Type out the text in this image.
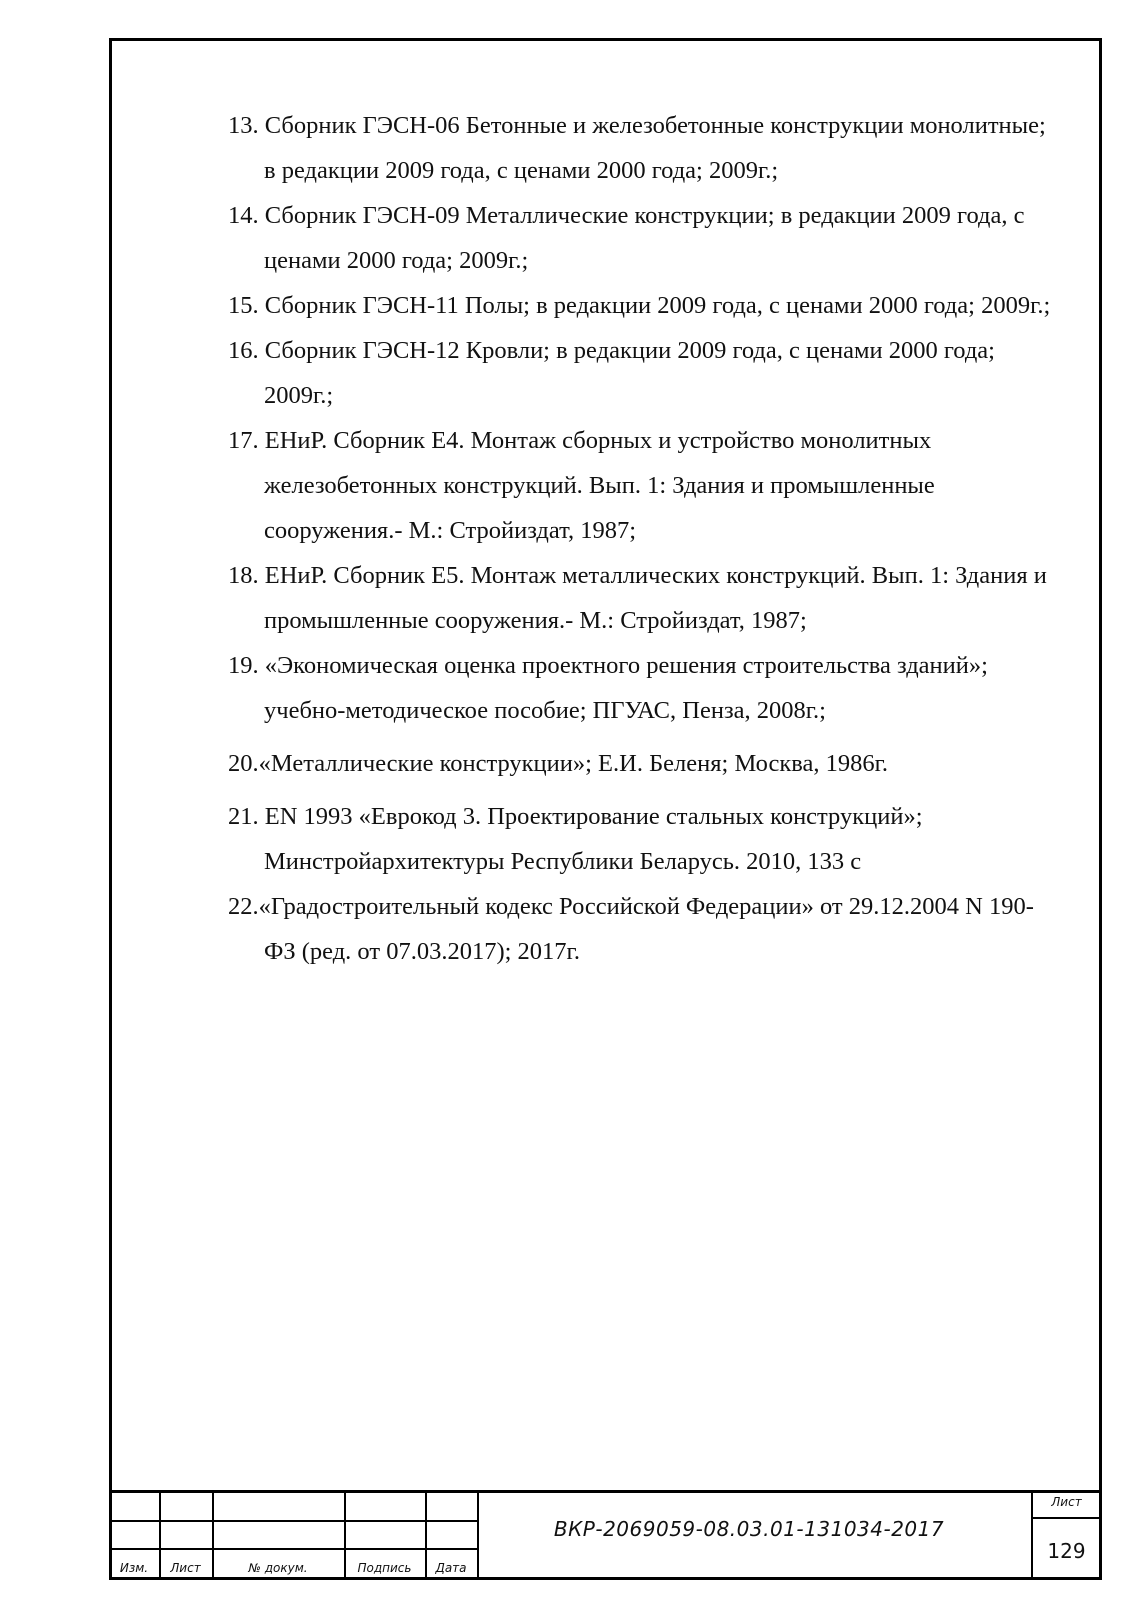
13. Сборник ГЭСН-06 Бетонные и железобетонные конструкции монолитные; в редакции 2009 года, с ценами 2000 года; 2009г.;
14. Сборник ГЭСН-09 Металлические конструкции; в редакции 2009 года, с ценами 2000 года; 2009г.;
15. Сборник ГЭСН-11 Полы; в редакции 2009 года, с ценами 2000 года; 2009г.;
16. Сборник ГЭСН-12 Кровли; в редакции 2009 года, с ценами 2000 года; 2009г.;
17. ЕНиР. Сборник Е4. Монтаж сборных и устройство монолитных железобетонных конструкций. Вып. 1: Здания и промышленные сооружения.- М.: Стройиздат, 1987;
18. ЕНиР. Сборник Е5. Монтаж металлических конструкций. Вып. 1: Здания и промышленные сооружения.- М.: Стройиздат, 1987;
19. «Экономическая оценка проектного решения строительства зданий»; учебно-методическое пособие; ПГУАС, Пенза, 2008г.;
20.«Металлические конструкции»; Е.И. Беленя; Москва, 1986г.
21. EN 1993 «Еврокод 3. Проектирование стальных конструкций»; Минстройархитектуры Республики Беларусь. 2010, 133 с
22.«Градостроительный кодекс Российской Федерации» от 29.12.2004 N 190-ФЗ (ред. от 07.03.2017); 2017г.
Изм.	Лист	№ докум.	Подпись	Дата
ВКР-2069059-08.03.01-131034-2017
Лист
129
